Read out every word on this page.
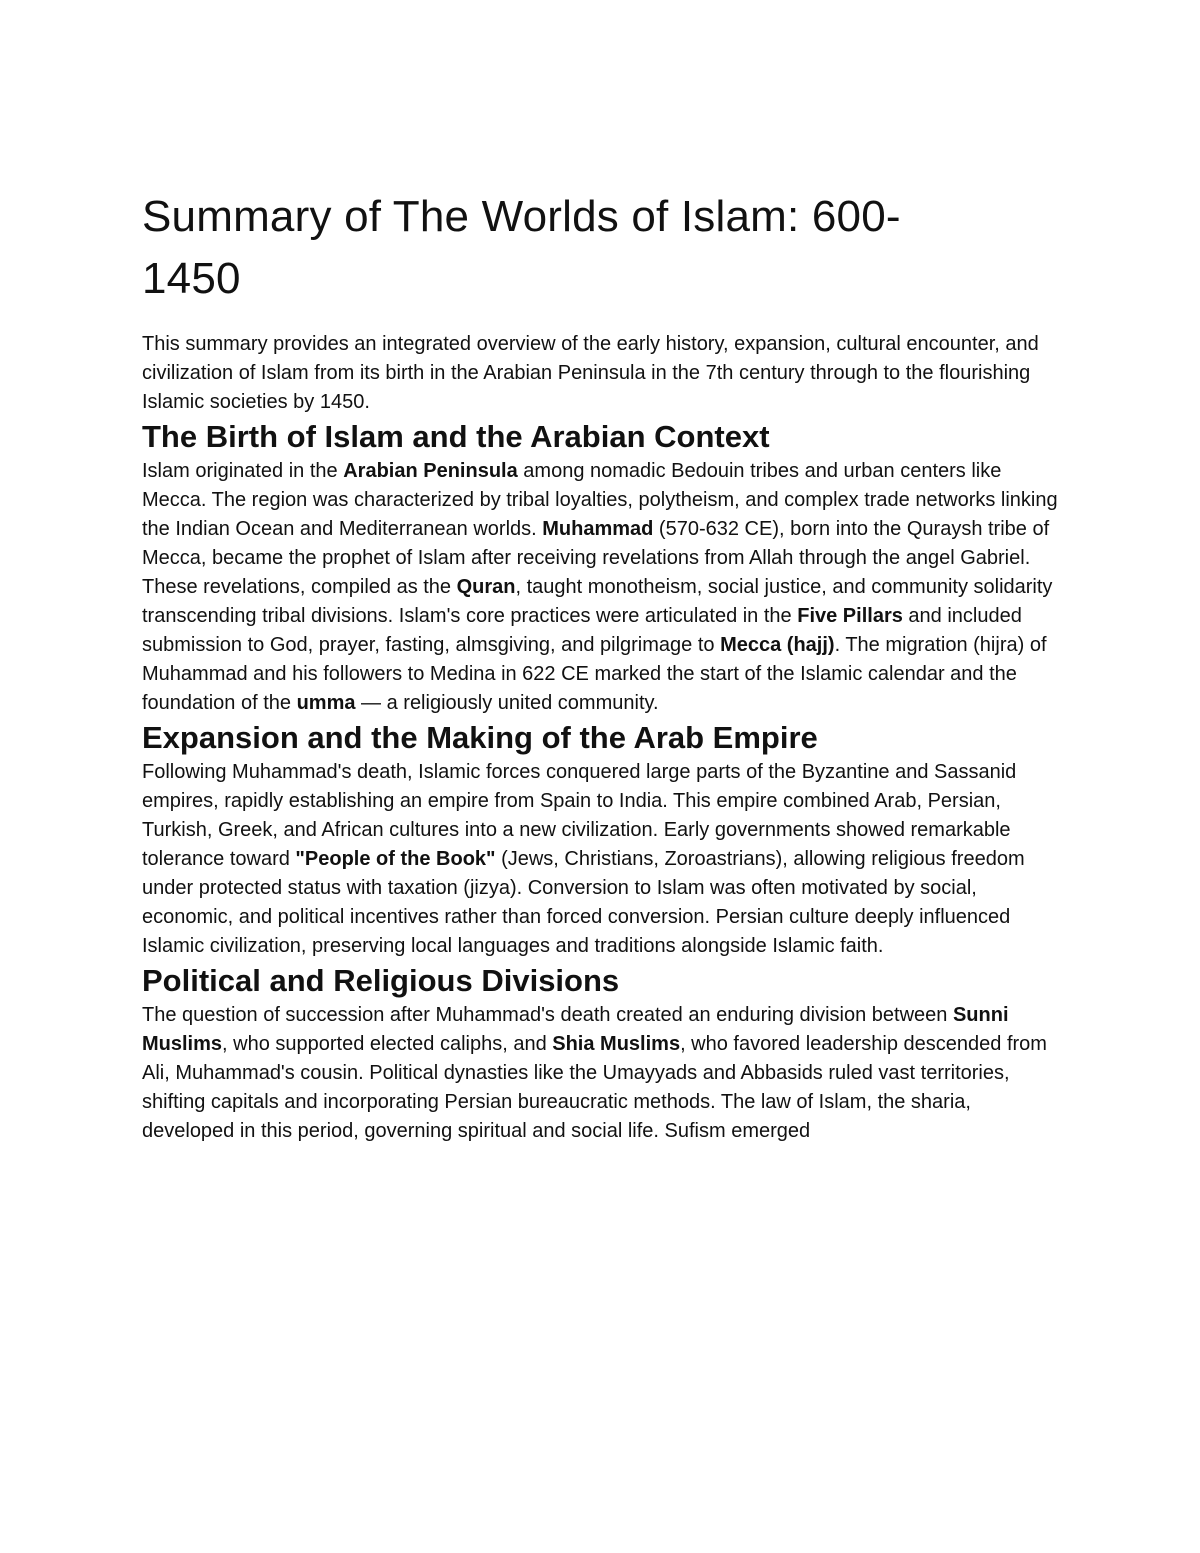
Summary of The Worlds of Islam: 600-1450

This summary provides an integrated overview of the early history, expansion, cultural encounter, and civilization of Islam from its birth in the Arabian Peninsula in the 7th century through to the flourishing Islamic societies by 1450.

The Birth of Islam and the Arabian Context

Islam originated in the Arabian Peninsula among nomadic Bedouin tribes and urban centers like Mecca. The region was characterized by tribal loyalties, polytheism, and complex trade networks linking the Indian Ocean and Mediterranean worlds. Muhammad (570-632 CE), born into the Quraysh tribe of Mecca, became the prophet of Islam after receiving revelations from Allah through the angel Gabriel. These revelations, compiled as the Quran, taught monotheism, social justice, and community solidarity transcending tribal divisions. Islam's core practices were articulated in the Five Pillars and included submission to God, prayer, fasting, almsgiving, and pilgrimage to Mecca (hajj). The migration (hijra) of Muhammad and his followers to Medina in 622 CE marked the start of the Islamic calendar and the foundation of the umma — a religiously united community.

Expansion and the Making of the Arab Empire

Following Muhammad's death, Islamic forces conquered large parts of the Byzantine and Sassanid empires, rapidly establishing an empire from Spain to India. This empire combined Arab, Persian, Turkish, Greek, and African cultures into a new civilization. Early governments showed remarkable tolerance toward "People of the Book" (Jews, Christians, Zoroastrians), allowing religious freedom under protected status with taxation (jizya). Conversion to Islam was often motivated by social, economic, and political incentives rather than forced conversion. Persian culture deeply influenced Islamic civilization, preserving local languages and traditions alongside Islamic faith.

Political and Religious Divisions

The question of succession after Muhammad's death created an enduring division between Sunni Muslims, who supported elected caliphs, and Shia Muslims, who favored leadership descended from Ali, Muhammad's cousin. Political dynasties like the Umayyads and Abbasids ruled vast territories, shifting capitals and incorporating Persian bureaucratic methods. The law of Islam, the sharia, developed in this period, governing spiritual and social life. Sufism emerged
